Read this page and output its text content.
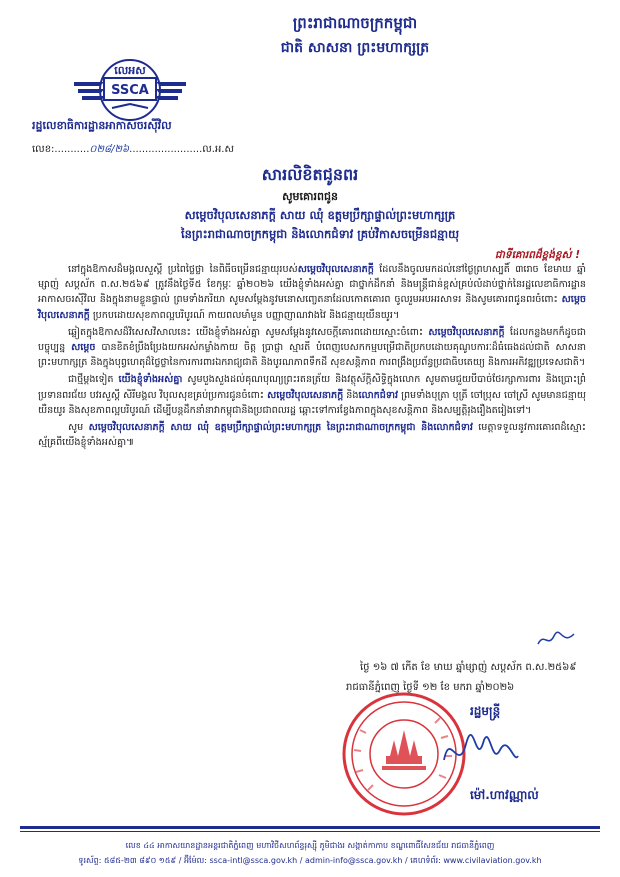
ព្រះរាជាណាចក្រកម្ពុជា
ជាតិ សាសនា ព្រះមហាក្សត្រ
លេអស
SSCA
រដ្ឋលេខាធិការដ្ឋានអាកាសចរស៊ីវិល
លេខ:...........០២៨/២៦.......................ល.អ.ស
សារលិខិតជូនពរ
សូមគោរពជូន
សម្តេចវិបុលសេនាភក្តី សាយ ឈុំ ឧត្តមប្រឹក្សាផ្ទាល់ព្រះមហាក្សត្រ
នៃព្រះរាជាណាចក្រកម្ពុជា និងលោកជំទាវ គ្រប់វិកាសចម្រើនជន្មាយុ
ជាទីគោរពដ៏ខ្ពង់ខ្ពស់ !

នៅក្នុងឱកាសដ៏មង្គលសួស្តី ប្រពៃថ្លៃថ្លា នៃពិធីចម្រើនជន្មាយុរបស់សម្តេចវិបុលសេនាភក្តី ដែលនឹងចូលមកដល់នៅថ្ងៃព្រហស្បតិ៍ ៣រោច ខែមាឃ ឆ្នាំម្សាញ់ សប្តស័ក ព.ស.២៥៦៩ ត្រូវនឹងថ្ងៃទី៥ ខែកុម្ភៈ ឆ្នាំ២០២៦ យើងខ្ញុំទាំងអស់គ្នា ជាថ្នាក់ដឹកនាំ និងមន្រ្តីជាន់ខ្ពស់គ្រប់លំដាប់ថ្នាក់នៃរដ្ឋលេខាធិការដ្ឋានអាកាសចរស៊ីវិល និងក្នុងនាមខ្លួនផ្ទាល់ ព្រមទាំងភរិយា សូមសម្តែងនូវមនោសញ្ចេតនាដែលកោតគោរព ចូលរួមអបអរសាទរ និងសូមគោរពជូនពរចំពោះ សម្តេចវិបុលសេនាភក្តី ប្រកបដោយសុខភាពល្អបរិបូរណ៍ កាយពលមាំមួន បញ្ញាញាណវាងវៃ និងជន្មាយុយឺនយូរ។

ឆ្លៀតក្នុងឱកាសដ៏វិសេសវិសាលនេះ យើងខ្ញុំទាំងអស់គ្នា សូមសម្តែងនូវសេចក្តីគោរពដោយស្មោះចំពោះ សម្តេចវិបុលសេនាភក្តី ដែលកន្លងមកក៏ដូចជាបច្ចុប្បន្ន សម្តេច បានខិតខំប្រឹងប្រែងយកអស់កម្លាំងកាយ ចិត្ត ប្រាជ្ញា ស្មារតី បំពេញបេសកកម្មបម្រើជាតិប្រកបដោយគុណូបការៈដ៏ធំធេងដល់ជាតិ សាសនា ព្រះមហាក្សត្រ និងក្នុងបុព្វហេតុដ៏ថ្លៃថ្លានៃការការពារឯករាជ្យជាតិ និងបូរណភាពទឹកដី សុខសន្តិភាព ការពង្រឹងប្រព័ន្ធប្រជាធិបតេយ្យ និងការអភិវឌ្ឍប្រទេសជាតិ។

ជាថ្មីម្តងទៀត យើងខ្ញុំទាំងអស់គ្នា សូមបួងសួងដល់គុណបុណ្យព្រះរតនត្រ័យ និងវត្ថុស័ក្តិសិទ្ធិក្នុងលោក សូមតាមជួយបីបាច់ថែរក្សាការពារ និងប្រោះព្រំប្រទានពរជ័យ បវរសួស្តី សិរីមង្គល វិបុលសុខគ្រប់ប្រការជូនចំពោះ សម្តេចវិបុលសេនាភក្តី និងលោកជំទាវ ព្រមទាំងបុត្រា បុត្រី ចៅប្រុស ចៅស្រី សូមមានជន្មាយុ យឺនយូរ និងសុខភាពល្អបរិបូរណ៍ ដើម្បីបន្តដឹកនាំនាវាកម្ពុជានិងប្រជាពលរដ្ឋ ឆ្ពោះទៅការខ្វែងភាពក្នុងសុខសន្តិភាព និងសម្បត្តិរុងរឿងតរៀងទៅ។

សូម សម្តេចវិបុលសេនាភក្តី សាយ ឈុំ ឧត្តមប្រឹក្សាផ្ទាល់ព្រះមហាក្សត្រ នៃព្រះរាជាណាចក្រកម្ពុជា និងលោកជំទាវ មេត្តាទទួលនូវការគោរពដ៏ស្មោះស្ម័គ្រពីយើងខ្ញុំទាំងអស់គ្នា៕

ថ្ងៃ ១៦ ៧ កើត ខែ មាឃ ឆ្នាំម្សាញ់ សប្តស័ក ព.ស.២៥៦៩
រាជធានីភ្នំពេញ ថ្ងៃទី ១២ ខែ មករា ឆ្នាំ២០២៦
រដ្ឋមន្ត្រី
ម៉ៅ.ហាវណ្ណាល់
លេខ ៤៤ អាកាសយានដ្ឋានអន្តរជាតិភ្នំពេញ មហាវិថីសហព័ន្ធរុស្ស៊ី ភូមិជាងរ សង្កាត់កាកាប ខណ្ឌពោធិ៍សែនជ័យ រាជធានីភ្នំពេញ
ទូរស័ព្ទ: ៥៨៥-២៣ ៨៩០ ១៥៩ / អ៊ីម៉ែល: ssca-intl@ssca.gov.kh / admin-info@ssca.gov.kh / គេហទំព័រ: www.civilaviation.gov.kh
